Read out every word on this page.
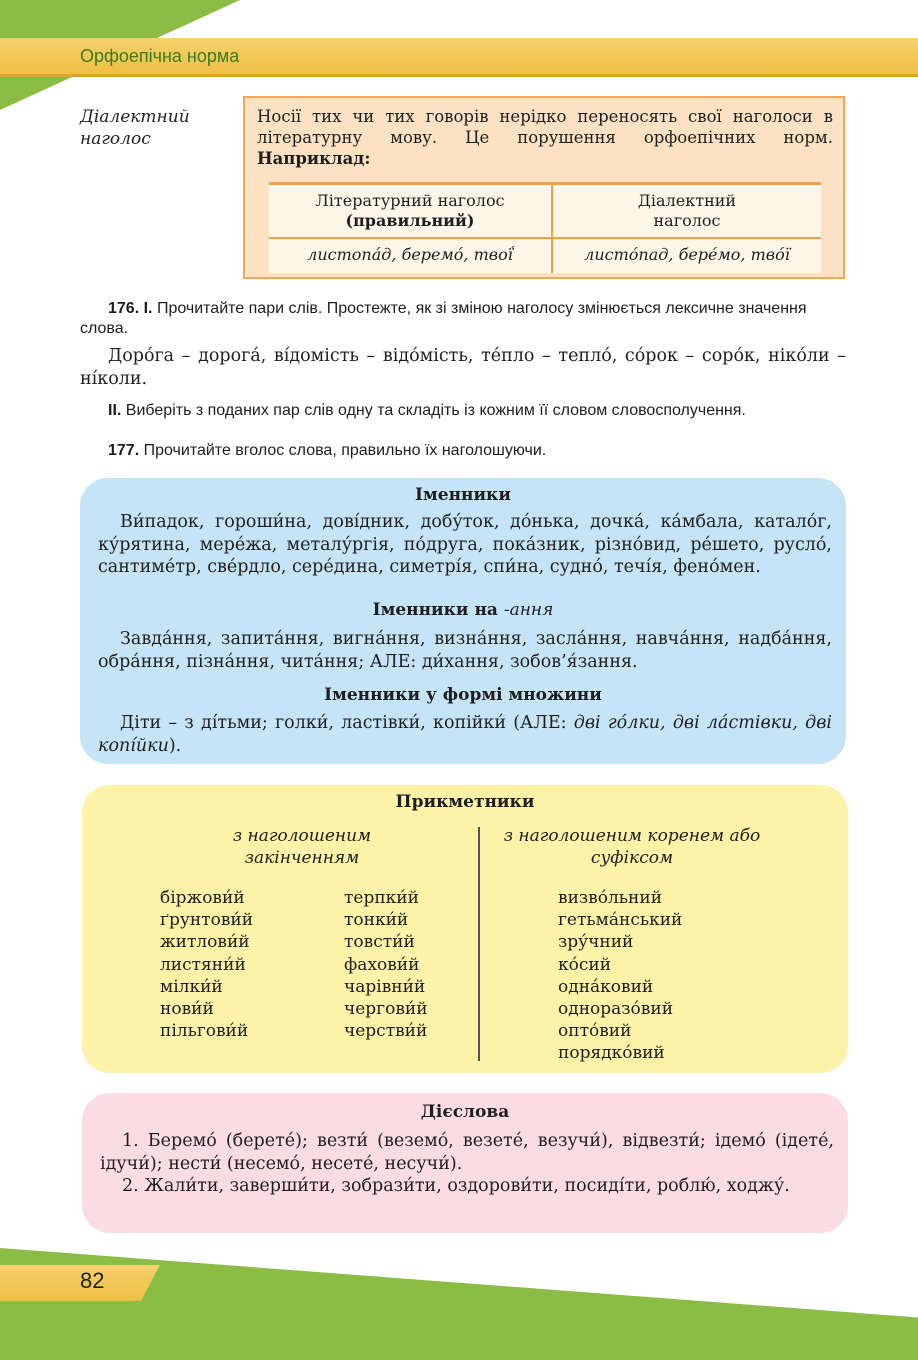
Орфоепічна норма
Діалектний наголос
Носії тих чи тих говорів нерідко переносять свої наголоси в літературну мову. Це порушення орфоепічних норм. Наприклад:
Літературний наголос
(правильний)
Діалектний
наголос
листопа́д, беремо́, твоḯ	листо́пад, бере́мо, тво́ї
176. І. Прочитайте пари слів. Простежте, як зі зміною наголосу змінюється лексичне значення слова.
Доро́га – дорога́, ві́домість – відо́мість, те́пло – тепло́, со́рок – соро́к, ніко́ли – ні́коли.
ІІ. Виберіть з поданих пар слів одну та складіть із кожним її словом словосполучення.
177. Прочитайте вголос слова, правильно їх наголошуючи.
Іменники
Ви́падок, гороши́на, дові́дник, добу́ток, до́нька, дочка́, ка́мбала, катало́г, ку́рятина, мере́жа, металу́ргія, по́друга, пока́зник, різно́вид, ре́шето, русло́, сантиме́тр, све́рдло, сере́дина, симетрі́я, спи́на, судно́, течі́я, фено́мен.
Іменники на -ання
Завда́ння, запита́ння, вигна́ння, визна́ння, засла́ння, навча́ння, надба́ння, обра́ння, пізна́ння, чита́ння; АЛЕ: ди́хання, зобов’я́зання.
Іменники у формі множини
Діти – з ді́тьми; голки́, ластівки́, копійки́ (АЛЕ: дві го́лки, дві ла́стівки, дві копі́йки).
Прикметники
з наголошеним закінченням
з наголошеним коренем або суфіксом
біржови́й
ґрунтови́й
житлови́й
листяни́й
мілки́й
нови́й
пільгови́й
терпки́й
тонки́й
товсти́й
фахови́й
чарівни́й
чергови́й
черстви́й
визво́льний
гетьма́нський
зру́чний
ко́сий
одна́ковий
одноразо́вий
опто́вий
порядко́вий
Дієслова
1. Беремо́ (берете́); везти́ (веземо́, везете́, везучи́), відвезти́; ідемо́ (ідете́, ідучи́); нести́ (несемо́, несете́, несучи́).
2. Жали́ти, заверши́ти, зобрази́ти, оздорови́ти, посиді́ти, роблю́, ходжу́.
82
